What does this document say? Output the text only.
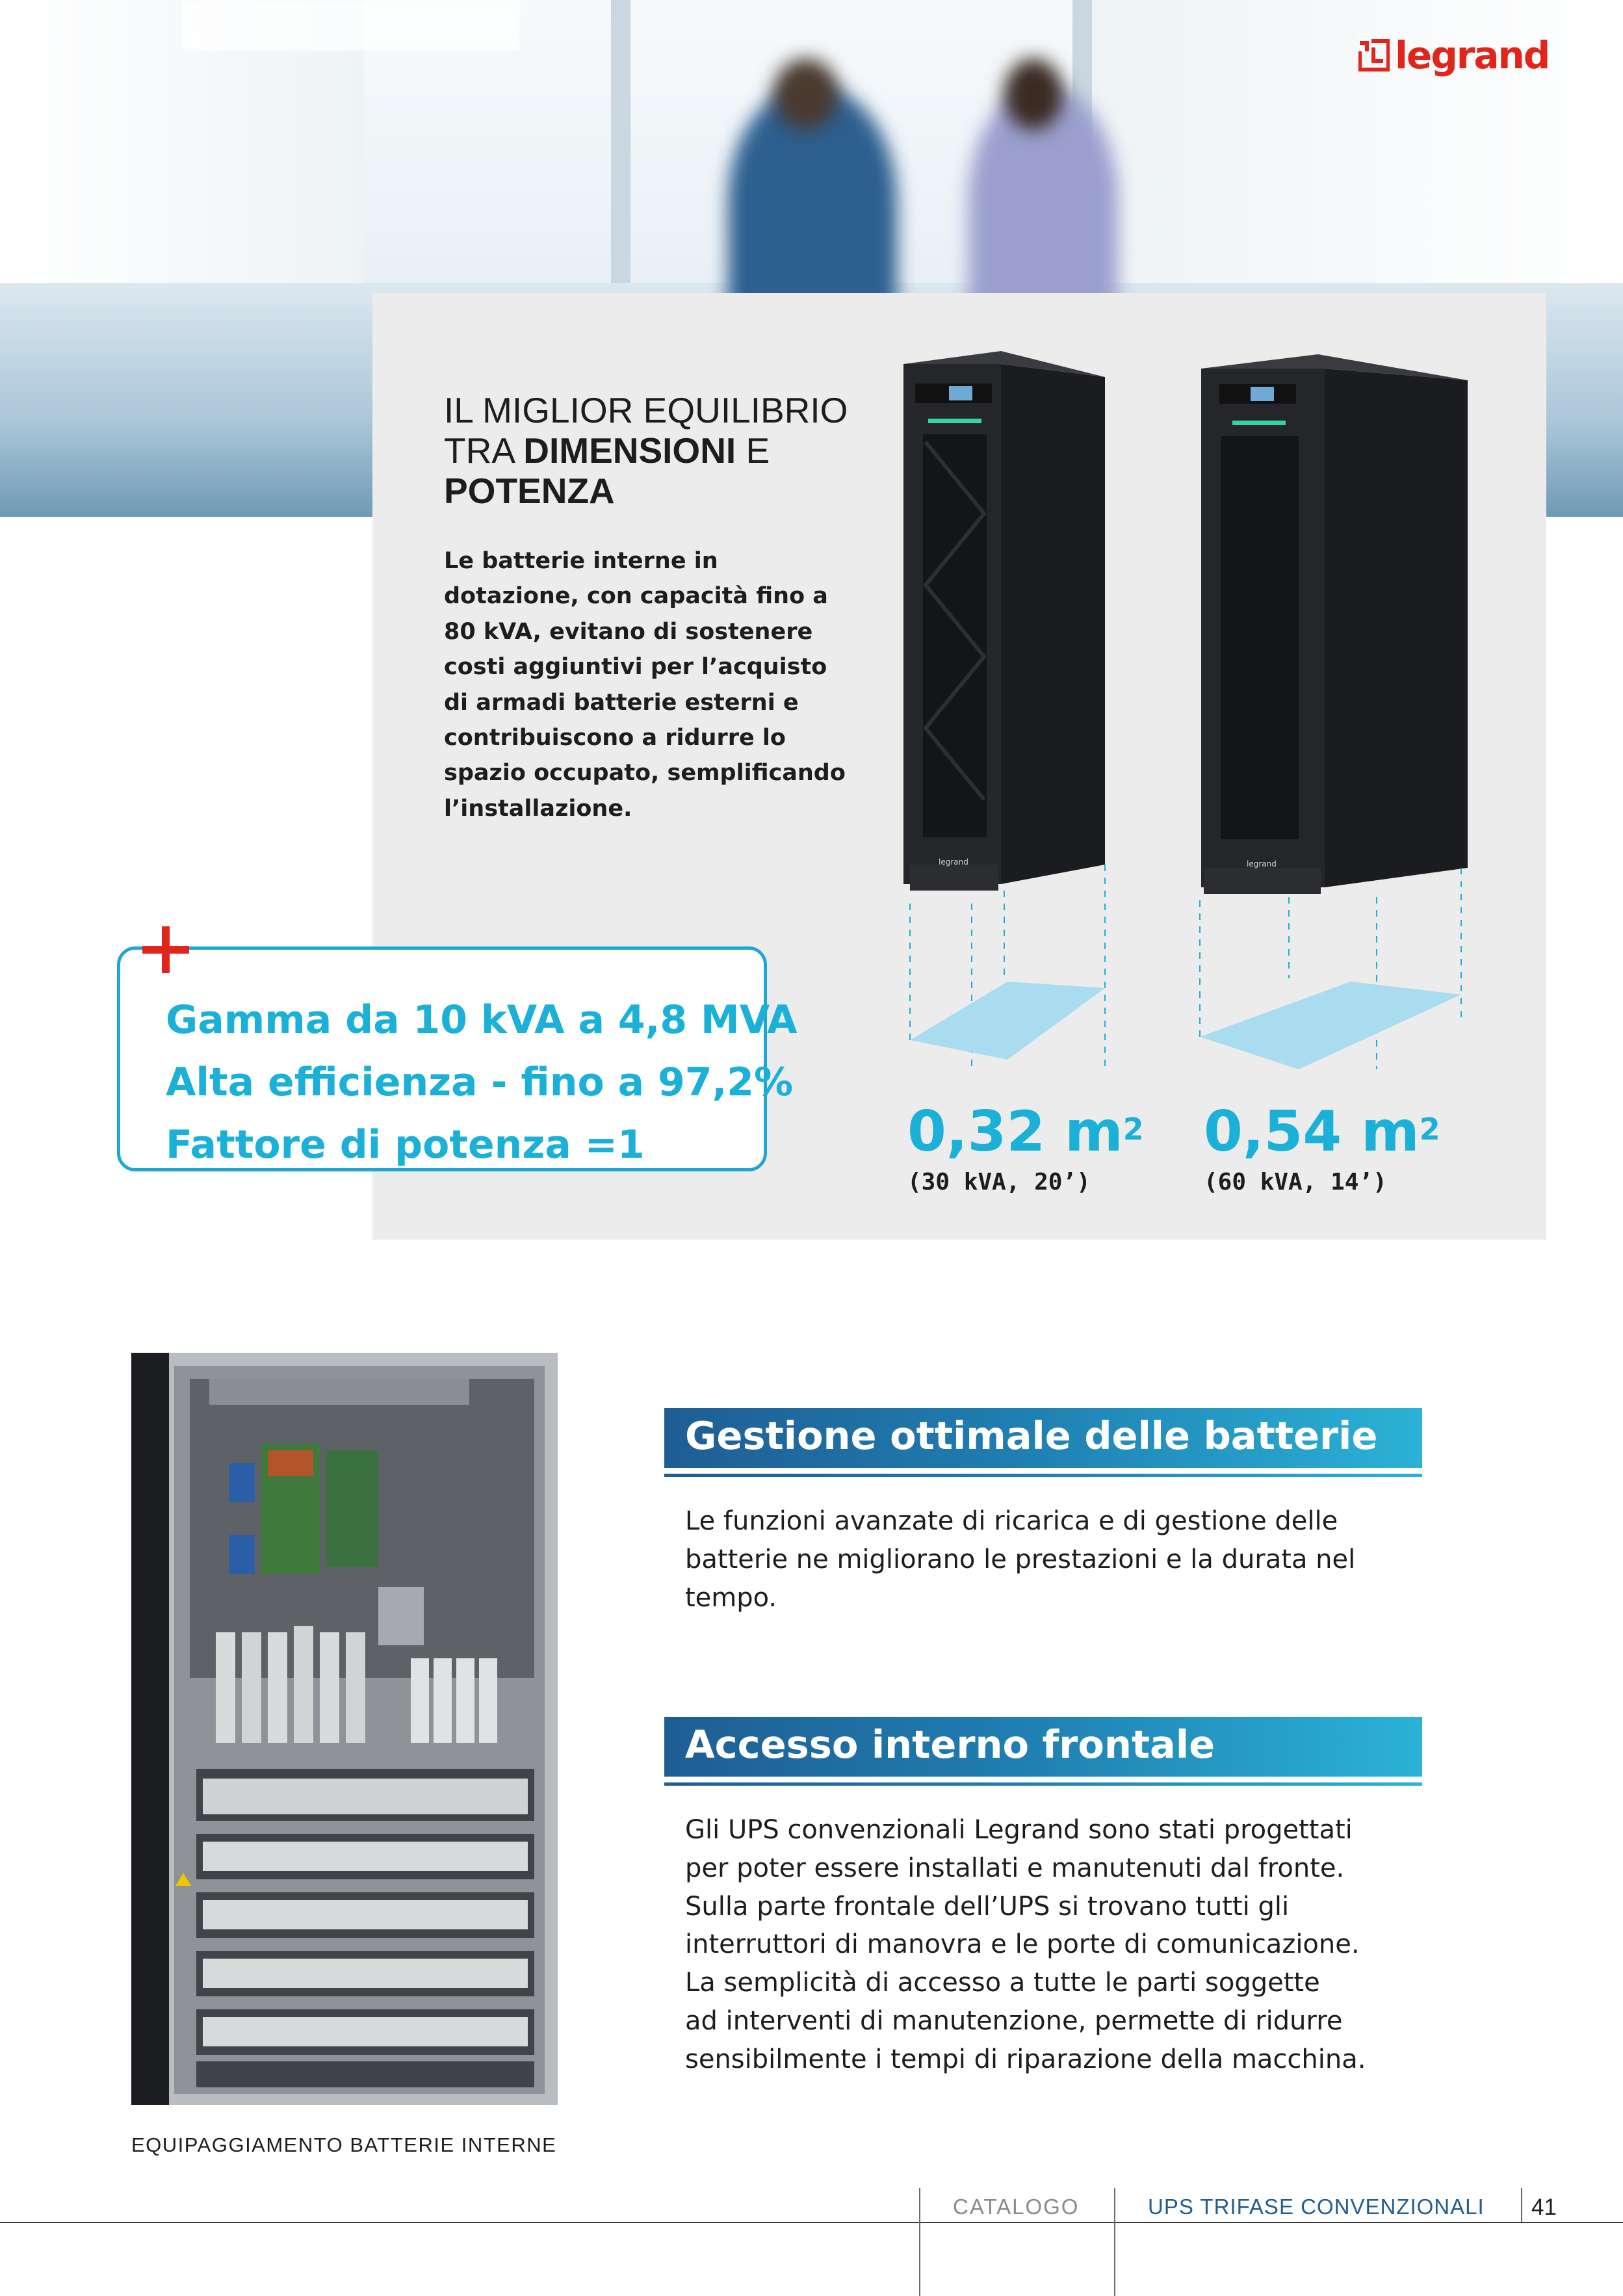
legrand
IL MIGLIOR EQUILIBRIO
TRA DIMENSIONI E
POTENZA
Le batterie interne in
dotazione, con capacità fino a
80 kVA, evitano di sostenere
costi aggiuntivi per l’acquisto
di armadi batterie esterni e
contribuiscono a ridurre lo
spazio occupato, semplificando
l’installazione.
legrand	legrand
0,32 $m^2$
(30 kVA, 20’)
0,54 $m^2$
(60 kVA, 14’)
Gamma da 10 kVA a 4,8 MVA
Alta efficienza - fino a 97,2%
Fattore di potenza =1
EQUIPAGGIAMENTO BATTERIE INTERNE
Gestione ottimale delle batterie
Le funzioni avanzate di ricarica e di gestione delle
batterie ne migliorano le prestazioni e la durata nel
tempo.
Accesso interno frontale
Gli UPS convenzionali Legrand sono stati progettati
per poter essere installati e manutenuti dal fronte.
Sulla parte frontale dell’UPS si trovano tutti gli
interruttori di manovra e le porte di comunicazione.
La semplicità di accesso a tutte le parti soggette
ad interventi di manutenzione, permette di ridurre
sensibilmente i tempi di riparazione della macchina.
CATALOGO	UPS TRIFASE CONVENZIONALI 41
